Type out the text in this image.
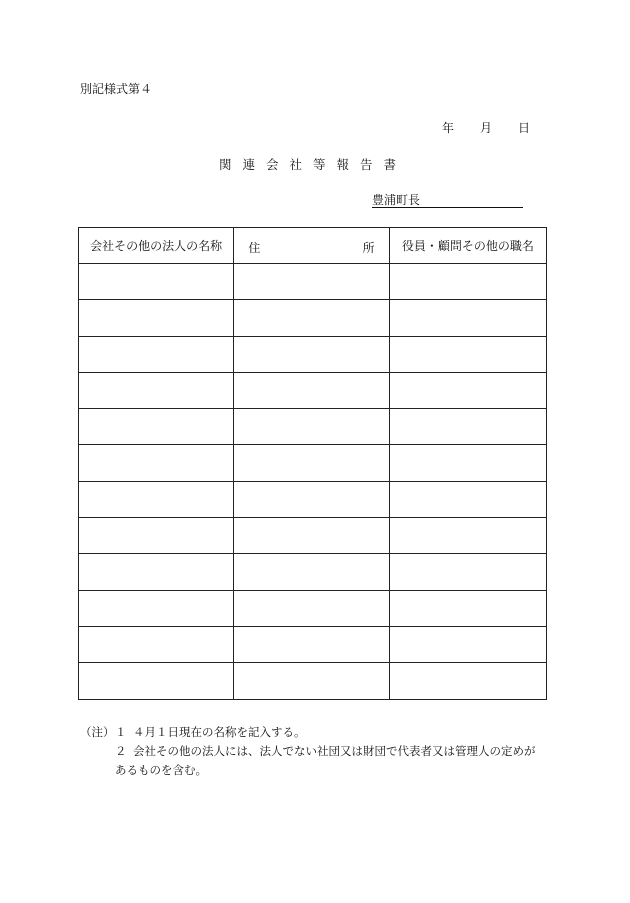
別記様式第４
年 月 日
関連会社等報告書
豊浦町長
会社その他の法人の名称	住 所	役員・顧問その他の職名

（注） １ ４月１日現在の名称を記入する。
２ 会社その他の法人には、法人でない社団又は財団で代表者又は管理人の定めが
あるものを含む。
